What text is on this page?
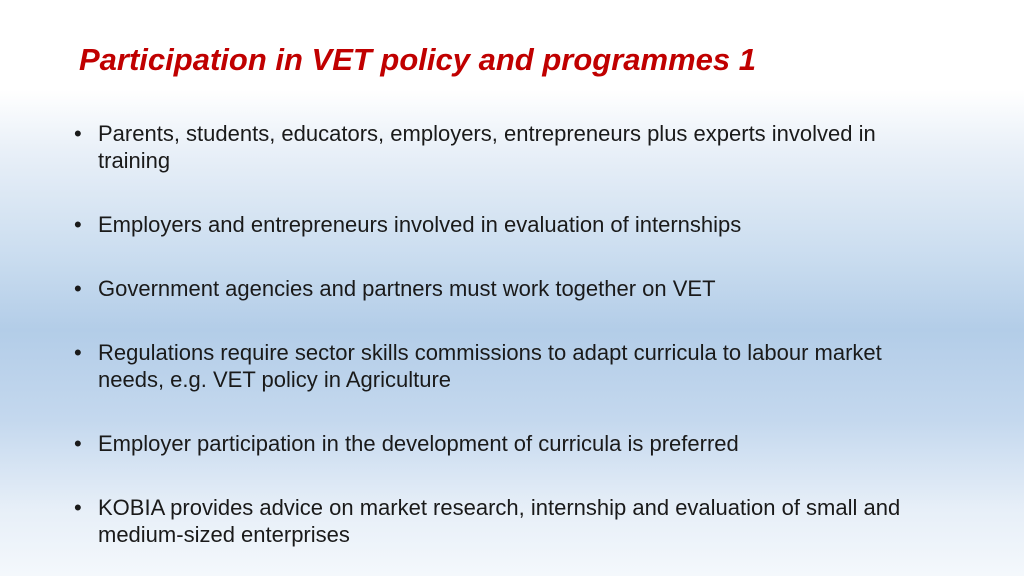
Participation in VET policy and programmes 1
• Parents, students, educators, employers, entrepreneurs plus experts involved in training
• Employers and entrepreneurs involved in evaluation of internships
• Government agencies and partners must work together on VET
• Regulations require sector skills commissions to adapt curricula to labour market needs, e.g. VET policy in Agriculture
• Employer participation in the development of curricula is preferred
• KOBIA provides advice on market research, internship and evaluation of small and medium-sized enterprises
